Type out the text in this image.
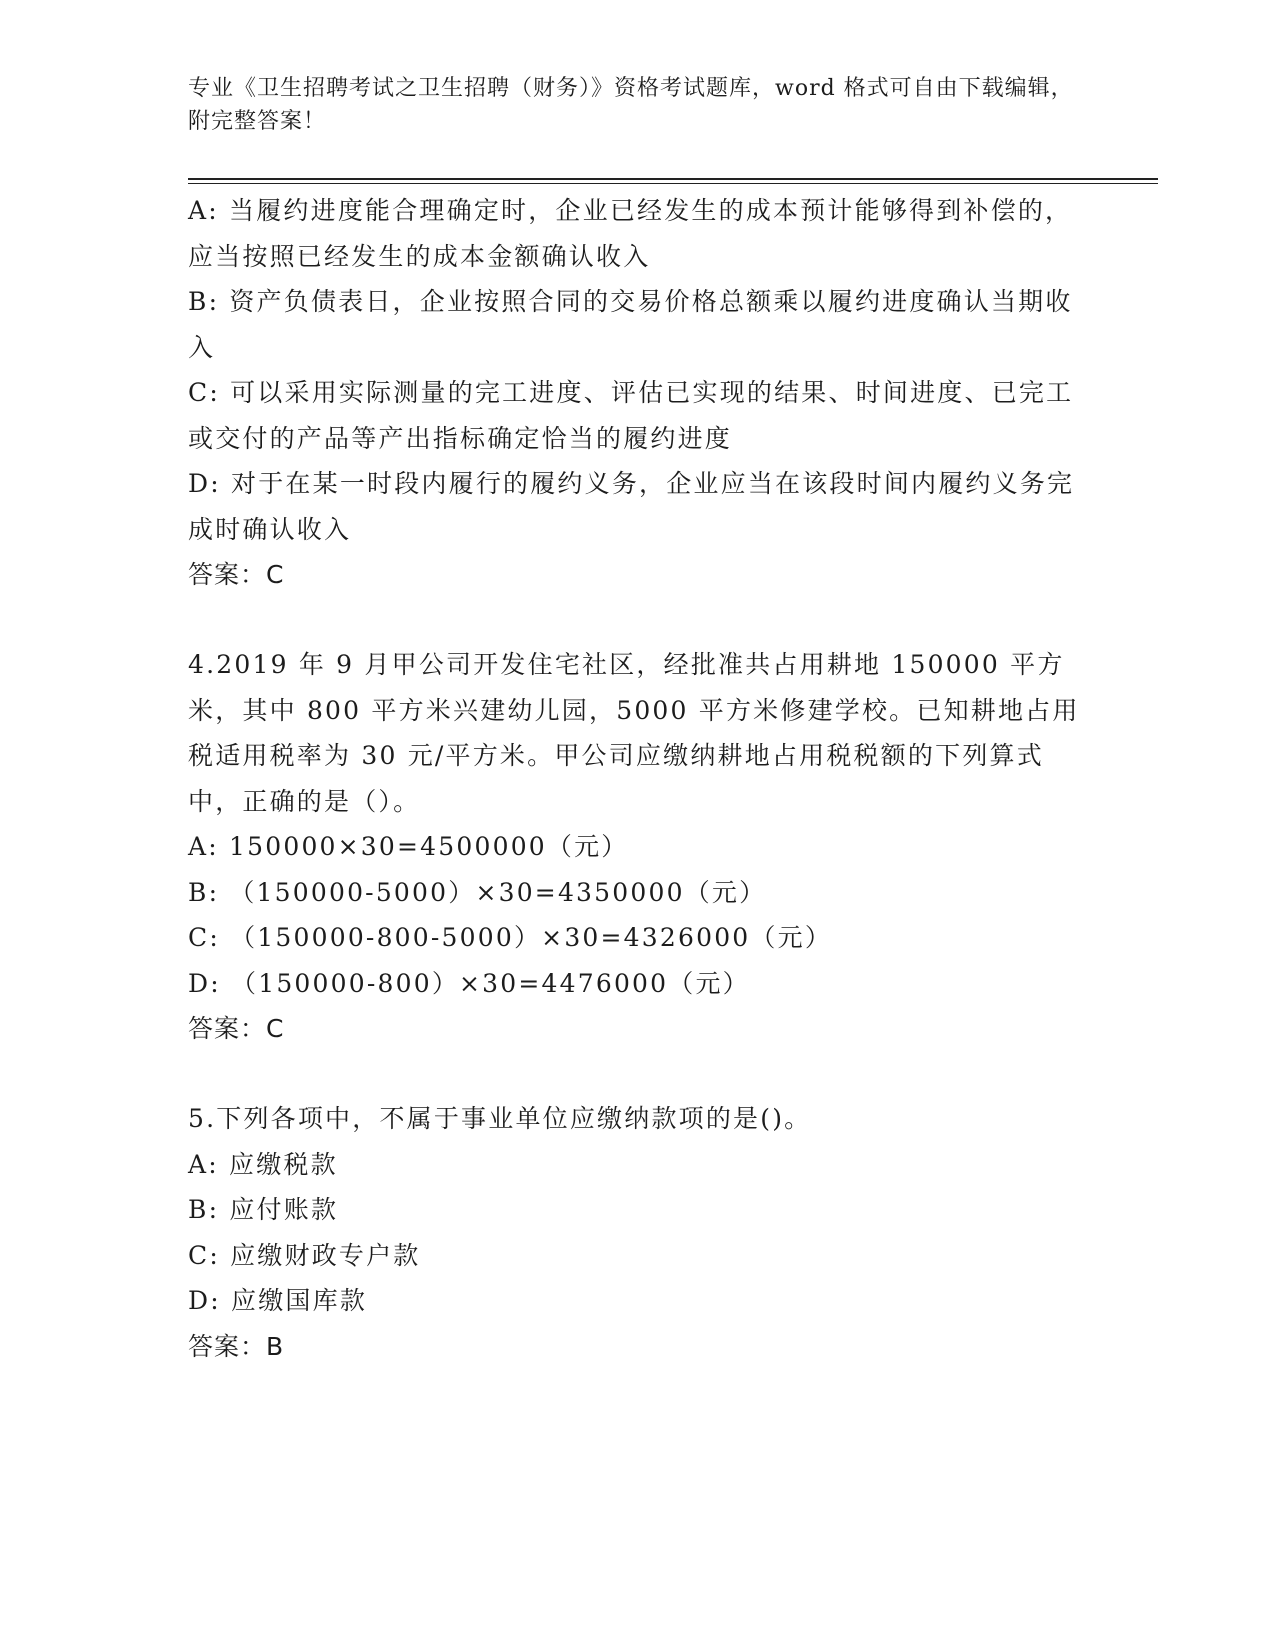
专业《卫生招聘考试之卫生招聘（财务）》资格考试题库，word 格式可自由下载编辑，附完整答案！

A: 当履约进度能合理确定时，企业已经发生的成本预计能够得到补偿的，应当按照已经发生的成本金额确认收入

B: 资产负债表日，企业按照合同的交易价格总额乘以履约进度确认当期收入

C: 可以采用实际测量的完工进度、评估已实现的结果、时间进度、已完工或交付的产品等产出指标确定恰当的履约进度

D: 对于在某一时段内履行的履约义务，企业应当在该段时间内履约义务完成时确认收入

答案：C

4.2019 年 9 月甲公司开发住宅社区，经批准共占用耕地 150000 平方米，其中 800 平方米兴建幼儿园，5000 平方米修建学校。已知耕地占用税适用税率为 30 元/平方米。甲公司应缴纳耕地占用税税额的下列算式中，正确的是（）。

A: 150000×30=4500000（元）

B: （150000-5000）×30=4350000（元）

C: （150000-800-5000）×30=4326000（元）

D: （150000-800）×30=4476000（元）

答案：C

5.下列各项中，不属于事业单位应缴纳款项的是()。

A: 应缴税款

B: 应付账款

C: 应缴财政专户款

D: 应缴国库款

答案：B
